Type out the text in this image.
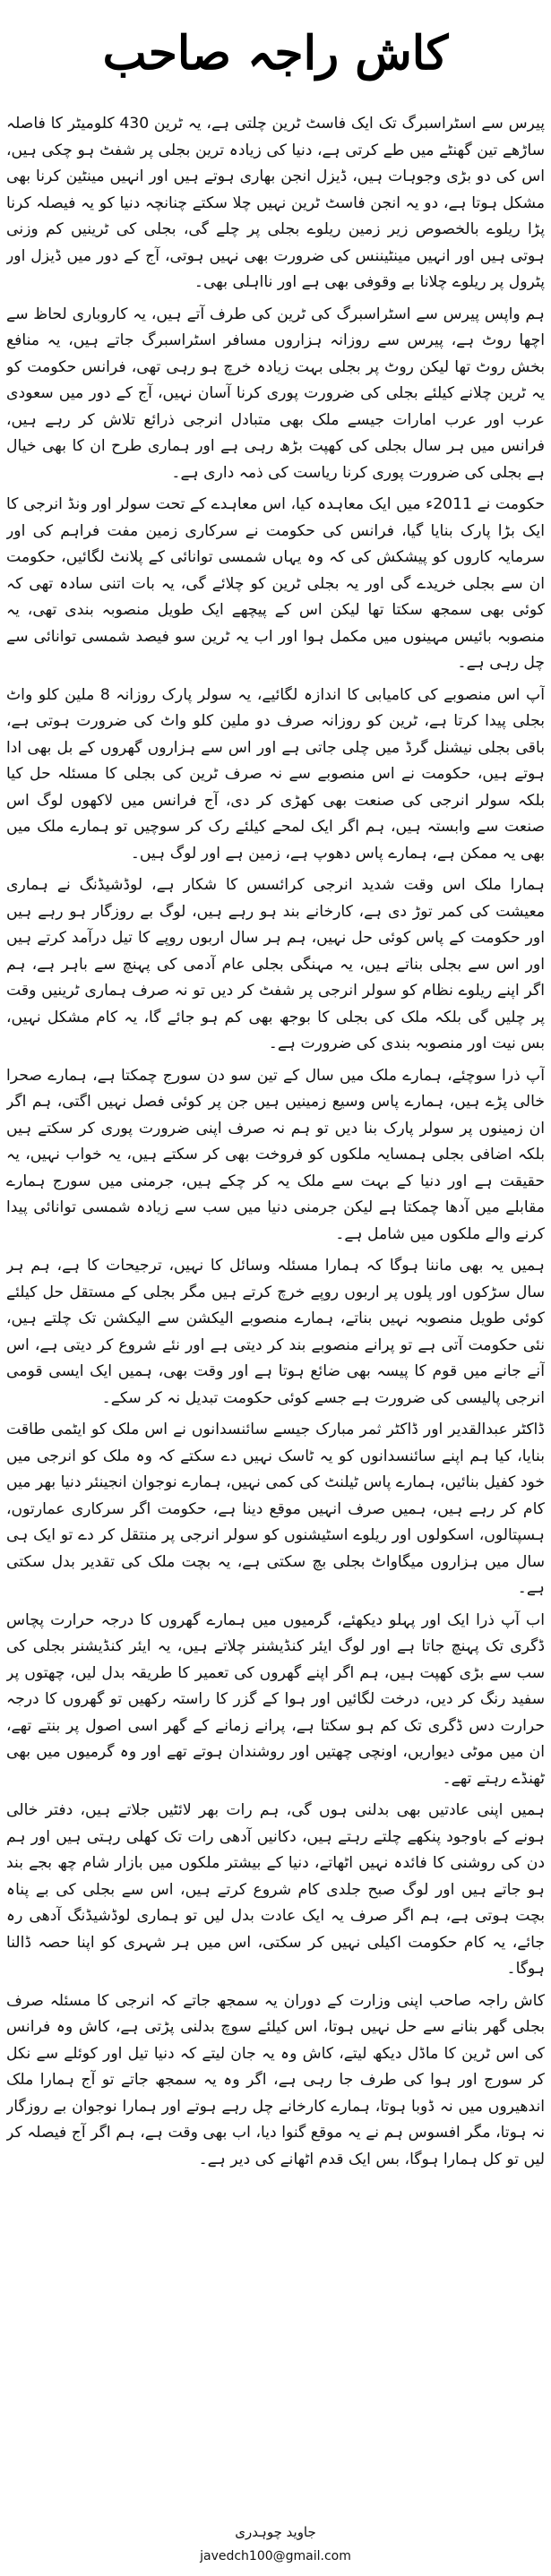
کاش راجہ صاحب

پیرس سے اسٹراسبرگ تک ایک فاسٹ ٹرین چلتی ہے، یہ ٹرین 430 کلومیٹر کا فاصلہ ساڑھے تین گھنٹے میں طے کرتی ہے، دنیا کی زیادہ ترین بجلی پر شفٹ ہو چکی ہیں، اس کی دو بڑی وجوہات ہیں، ڈیزل انجن بھاری ہوتے ہیں اور انہیں مینٹین کرنا بھی مشکل ہوتا ہے، دو یہ انجن فاسٹ ٹرین نہیں چلا سکتے چنانچہ دنیا کو یہ فیصلہ کرنا پڑا ریلوے بالخصوص زیر زمین ریلوے بجلی پر چلے گی، بجلی کی ٹرینیں کم وزنی ہوتی ہیں اور انہیں مینٹیننس کی ضرورت بھی نہیں ہوتی، آج کے دور میں ڈیزل اور پٹرول پر ریلوے چلانا بے وقوفی بھی ہے اور نااہلی بھی۔

ہم واپس پیرس سے اسٹراسبرگ کی ٹرین کی طرف آتے ہیں، یہ کاروباری لحاظ سے اچھا روٹ ہے، پیرس سے روزانہ ہزاروں مسافر اسٹراسبرگ جاتے ہیں، یہ منافع بخش روٹ تھا لیکن روٹ پر بجلی بہت زیادہ خرچ ہو رہی تھی، فرانس حکومت کو یہ ٹرین چلانے کیلئے بجلی کی ضرورت پوری کرنا آسان نہیں، آج کے دور میں سعودی عرب اور عرب امارات جیسے ملک بھی متبادل انرجی ذرائع تلاش کر رہے ہیں، فرانس میں ہر سال بجلی کی کھپت بڑھ رہی ہے اور ہماری طرح ان کا بھی خیال ہے بجلی کی ضرورت پوری کرنا ریاست کی ذمہ داری ہے۔

حکومت نے 2011ء میں ایک معاہدہ کیا، اس معاہدے کے تحت سولر اور ونڈ انرجی کا ایک بڑا پارک بنایا گیا، فرانس کی حکومت نے سرکاری زمین مفت فراہم کی اور سرمایہ کاروں کو پیشکش کی کہ وہ یہاں شمسی توانائی کے پلانٹ لگائیں، حکومت ان سے بجلی خریدے گی اور یہ بجلی ٹرین کو چلائے گی، یہ بات اتنی سادہ تھی کہ کوئی بھی سمجھ سکتا تھا لیکن اس کے پیچھے ایک طویل منصوبہ بندی تھی، یہ منصوبہ بائیس مہینوں میں مکمل ہوا اور اب یہ ٹرین سو فیصد شمسی توانائی سے چل رہی ہے۔

آپ اس منصوبے کی کامیابی کا اندازہ لگائیے، یہ سولر پارک روزانہ 8 ملین کلو واٹ بجلی پیدا کرتا ہے، ٹرین کو روزانہ صرف دو ملین کلو واٹ کی ضرورت ہوتی ہے، باقی بجلی نیشنل گرڈ میں چلی جاتی ہے اور اس سے ہزاروں گھروں کے بل بھی ادا ہوتے ہیں، حکومت نے اس منصوبے سے نہ صرف ٹرین کی بجلی کا مسئلہ حل کیا بلکہ سولر انرجی کی صنعت بھی کھڑی کر دی، آج فرانس میں لاکھوں لوگ اس صنعت سے وابستہ ہیں، ہم اگر ایک لمحے کیلئے رک کر سوچیں تو ہمارے ملک میں بھی یہ ممکن ہے، ہمارے پاس دھوپ ہے، زمین ہے اور لوگ ہیں۔

ہمارا ملک اس وقت شدید انرجی کرائسس کا شکار ہے، لوڈشیڈنگ نے ہماری معیشت کی کمر توڑ دی ہے، کارخانے بند ہو رہے ہیں، لوگ بے روزگار ہو رہے ہیں اور حکومت کے پاس کوئی حل نہیں، ہم ہر سال اربوں روپے کا تیل درآمد کرتے ہیں اور اس سے بجلی بناتے ہیں، یہ مہنگی بجلی عام آدمی کی پہنچ سے باہر ہے، ہم اگر اپنے ریلوے نظام کو سولر انرجی پر شفٹ کر دیں تو نہ صرف ہماری ٹرینیں وقت پر چلیں گی بلکہ ملک کی بجلی کا بوجھ بھی کم ہو جائے گا، یہ کام مشکل نہیں، بس نیت اور منصوبہ بندی کی ضرورت ہے۔

آپ ذرا سوچئے، ہمارے ملک میں سال کے تین سو دن سورج چمکتا ہے، ہمارے صحرا خالی پڑے ہیں، ہمارے پاس وسیع زمینیں ہیں جن پر کوئی فصل نہیں اگتی، ہم اگر ان زمینوں پر سولر پارک بنا دیں تو ہم نہ صرف اپنی ضرورت پوری کر سکتے ہیں بلکہ اضافی بجلی ہمسایہ ملکوں کو فروخت بھی کر سکتے ہیں، یہ خواب نہیں، یہ حقیقت ہے اور دنیا کے بہت سے ملک یہ کر چکے ہیں، جرمنی میں سورج ہمارے مقابلے میں آدھا چمکتا ہے لیکن جرمنی دنیا میں سب سے زیادہ شمسی توانائی پیدا کرنے والے ملکوں میں شامل ہے۔

ہمیں یہ بھی ماننا ہوگا کہ ہمارا مسئلہ وسائل کا نہیں، ترجیحات کا ہے، ہم ہر سال سڑکوں اور پلوں پر اربوں روپے خرچ کرتے ہیں مگر بجلی کے مستقل حل کیلئے کوئی طویل منصوبہ نہیں بناتے، ہمارے منصوبے الیکشن سے الیکشن تک چلتے ہیں، نئی حکومت آتی ہے تو پرانے منصوبے بند کر دیتی ہے اور نئے شروع کر دیتی ہے، اس آنے جانے میں قوم کا پیسہ بھی ضائع ہوتا ہے اور وقت بھی، ہمیں ایک ایسی قومی انرجی پالیسی کی ضرورت ہے جسے کوئی حکومت تبدیل نہ کر سکے۔

ڈاکٹر عبدالقدیر اور ڈاکٹر ثمر مبارک جیسے سائنسدانوں نے اس ملک کو ایٹمی طاقت بنایا، کیا ہم اپنے سائنسدانوں کو یہ ٹاسک نہیں دے سکتے کہ وہ ملک کو انرجی میں خود کفیل بنائیں، ہمارے پاس ٹیلنٹ کی کمی نہیں، ہمارے نوجوان انجینئر دنیا بھر میں کام کر رہے ہیں، ہمیں صرف انہیں موقع دینا ہے، حکومت اگر سرکاری عمارتوں، ہسپتالوں، اسکولوں اور ریلوے اسٹیشنوں کو سولر انرجی پر منتقل کر دے تو ایک ہی سال میں ہزاروں میگاواٹ بجلی بچ سکتی ہے، یہ بچت ملک کی تقدیر بدل سکتی ہے۔

اب آپ ذرا ایک اور پہلو دیکھئے، گرمیوں میں ہمارے گھروں کا درجہ حرارت پچاس ڈگری تک پہنچ جاتا ہے اور لوگ ایئر کنڈیشنر چلاتے ہیں، یہ ایئر کنڈیشنر بجلی کی سب سے بڑی کھپت ہیں، ہم اگر اپنے گھروں کی تعمیر کا طریقہ بدل لیں، چھتوں پر سفید رنگ کر دیں، درخت لگائیں اور ہوا کے گزر کا راستہ رکھیں تو گھروں کا درجہ حرارت دس ڈگری تک کم ہو سکتا ہے، پرانے زمانے کے گھر اسی اصول پر بنتے تھے، ان میں موٹی دیواریں، اونچی چھتیں اور روشندان ہوتے تھے اور وہ گرمیوں میں بھی ٹھنڈے رہتے تھے۔

ہمیں اپنی عادتیں بھی بدلنی ہوں گی، ہم رات بھر لائٹیں جلاتے ہیں، دفتر خالی ہونے کے باوجود پنکھے چلتے رہتے ہیں، دکانیں آدھی رات تک کھلی رہتی ہیں اور ہم دن کی روشنی کا فائدہ نہیں اٹھاتے، دنیا کے بیشتر ملکوں میں بازار شام چھ بجے بند ہو جاتے ہیں اور لوگ صبح جلدی کام شروع کرتے ہیں، اس سے بجلی کی بے پناہ بچت ہوتی ہے، ہم اگر صرف یہ ایک عادت بدل لیں تو ہماری لوڈشیڈنگ آدھی رہ جائے، یہ کام حکومت اکیلی نہیں کر سکتی، اس میں ہر شہری کو اپنا حصہ ڈالنا ہوگا۔

کاش راجہ صاحب اپنی وزارت کے دوران یہ سمجھ جاتے کہ انرجی کا مسئلہ صرف بجلی گھر بنانے سے حل نہیں ہوتا، اس کیلئے سوچ بدلنی پڑتی ہے، کاش وہ فرانس کی اس ٹرین کا ماڈل دیکھ لیتے، کاش وہ یہ جان لیتے کہ دنیا تیل اور کوئلے سے نکل کر سورج اور ہوا کی طرف جا رہی ہے، اگر وہ یہ سمجھ جاتے تو آج ہمارا ملک اندھیروں میں نہ ڈوبا ہوتا، ہمارے کارخانے چل رہے ہوتے اور ہمارا نوجوان بے روزگار نہ ہوتا، مگر افسوس ہم نے یہ موقع گنوا دیا، اب بھی وقت ہے، ہم اگر آج فیصلہ کر لیں تو کل ہمارا ہوگا، بس ایک قدم اٹھانے کی دیر ہے۔

جاوید چوہدری
javedch100@gmail.com
